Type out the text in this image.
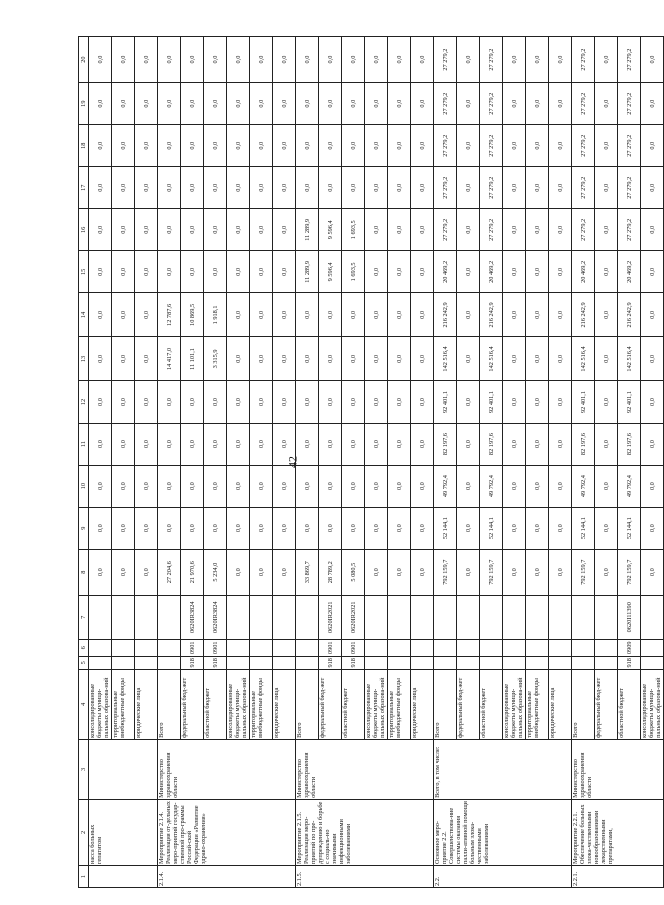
42
1	2	3	4	5	6	7	8	9	10	11	12	13	14	15	16	17	18	19	20
	насса больных гепатитом		консолидированные бюджеты муници-пальных образова-ний				0,0	0,0	0,0	0,0	0,0	0,0	0,0	0,0	0,0	0,0	0,0	0,0	0,0
			территориальные внебюджетные фонды				0,0	0,0	0,0	0,0	0,0	0,0	0,0	0,0	0,0	0,0	0,0	0,0	0,0
			юридические лица				0,0	0,0	0,0	0,0	0,0	0,0	0,0	0,0	0,0	0,0	0,0	0,0	0,0
2.1.4.	Мероприятие 2.1.4. Реализация от-дельных меро-приятий государ-ственной про-граммы Россий-ской Федерации «Развитие здраво-охранения»	Министерство здравоохранения области	Всего				27 204,6	0,0	0,0	0,0	0,0	14 417,0	12 787,6	0,0	0,0	0,0	0,0	0,0	0,0
			федеральный бюд-жет	918	0901	0620IR3824	21 970,6	0,0	0,0	0,0	0,0	11 101,1	10 869,5	0,0	0,0	0,0	0,0	0,0	0,0
			областной бюджет	918	0901	0620IR3824	5 234,0	0,0	0,0	0,0	0,0	3 315,9	1 918,1	0,0	0,0	0,0	0,0	0,0	0,0
			консолидированные бюджеты муници-пальных образова-ний				0,0	0,0	0,0	0,0	0,0	0,0	0,0	0,0	0,0	0,0	0,0	0,0	0,0
			территориальные внебюджетные фонды				0,0	0,0	0,0	0,0	0,0	0,0	0,0	0,0	0,0	0,0	0,0	0,0	0,0
			юридические лица				0,0	0,0	0,0	0,0	0,0	0,0	0,0	0,0	0,0	0,0	0,0	0,0	0,0
2.1.5.	Мероприятие 2.1.5. Реализация меро-приятий по пре-дупреждению и борьбе с социаль-но значимыми инфекционными заболеваниями	Министерство здравоохранения области	Всего				33 869,7	0,0	0,0	0,0	0,0	0,0	0,0	11 289,9	11 289,9	0,0	0,0	0,0	0,0
			федеральный бюд-жет	918	0901	0620IR2021	28 789,2	0,0	0,0	0,0	0,0	0,0	0,0	9 596,4	9 596,4	0,0	0,0	0,0	0,0
			областной бюджет	918	0901	0620IR2021	5 080,5	0,0	0,0	0,0	0,0	0,0	0,0	1 693,5	1 693,5	0,0	0,0	0,0	0,0
			консолидированные бюджеты муници-пальных образова-ний				0,0	0,0	0,0	0,0	0,0	0,0	0,0	0,0	0,0	0,0	0,0	0,0	0,0
			территориальные внебюджетные фонды				0,0	0,0	0,0	0,0	0,0	0,0	0,0	0,0	0,0	0,0	0,0	0,0	0,0
			юридические лица				0,0	0,0	0,0	0,0	0,0	0,0	0,0	0,0	0,0	0,0	0,0	0,0	0,0
2.2.	Основное меро-приятие 2.2. Совершенствова-ние системы оказания палли-ативной помощи больным злока-чественными заболеваниями	Всего, в том числе:	Всего				792 159,7	52 144,1	49 792,4	82 197,6	92 401,1	142 516,4	216 242,9	20 469,2	27 279,2	27 279,2	27 279,2	27 279,2	27 279,2
			федеральный бюд-жет				0,0	0,0	0,0	0,0	0,0	0,0	0,0	0,0	0,0	0,0	0,0	0,0	0,0
			областной бюджет				792 159,7	52 144,1	49 792,4	82 197,6	92 401,1	142 516,4	216 242,9	20 469,2	27 279,2	27 279,2	27 279,2	27 279,2	27 279,2
			консолидированные бюджеты муници-пальных образова-ний				0,0	0,0	0,0	0,0	0,0	0,0	0,0	0,0	0,0	0,0	0,0	0,0	0,0
			территориальные внебюджетные фонды				0,0	0,0	0,0	0,0	0,0	0,0	0,0	0,0	0,0	0,0	0,0	0,0	0,0
			юридические лица				0,0	0,0	0,0	0,0	0,0	0,0	0,0	0,0	0,0	0,0	0,0	0,0	0,0
2.2.1.	Мероприятие 2.2.1. Обеспечение больных злока-чественными новообразованиями лекарственными препаратами,	Министерство здравоохранения области	Всего				792 159,7	52 144,1	49 792,4	82 197,6	92 401,1	142 516,4	216 242,9	20 469,2	27 279,2	27 279,2	27 279,2	27 279,2	27 279,2
			федеральный бюд-жет				0,0	0,0	0,0	0,0	0,0	0,0	0,0	0,0	0,0	0,0	0,0	0,0	0,0
			областной бюджет	918	0909	0620I11390	792 159,7	52 144,1	49 792,4	82 197,6	92 401,1	142 516,4	216 242,9	20 469,2	27 279,2	27 279,2	27 279,2	27 279,2	27 279,2
			консолидированные бюджеты муници-пальных образова-ний				0,0	0,0	0,0	0,0	0,0	0,0	0,0	0,0	0,0	0,0	0,0	0,0	0,0
